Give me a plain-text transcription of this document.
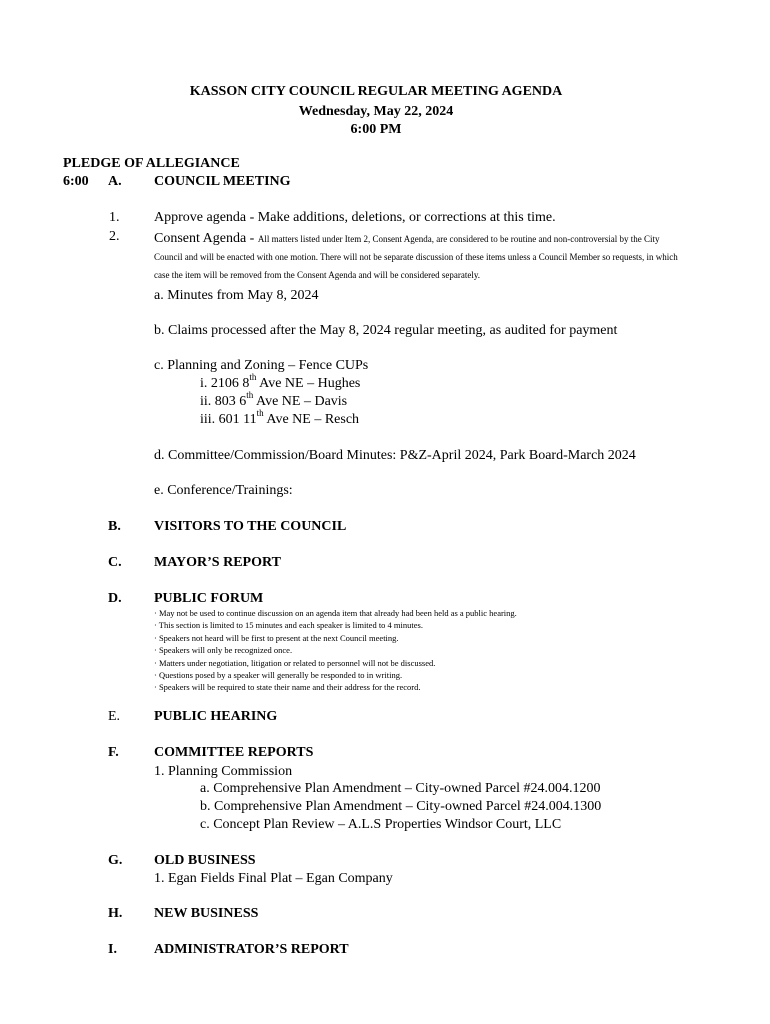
KASSON CITY COUNCIL REGULAR MEETING AGENDA
Wednesday, May 22, 2024
6:00 PM
PLEDGE OF ALLEGIANCE
6:00 A. COUNCIL MEETING
1. Approve agenda - Make additions, deletions, or corrections at this time.
2. Consent Agenda - All matters listed under Item 2, Consent Agenda, are considered to be routine and non-controversial by the City Council and will be enacted with one motion. There will not be separate discussion of these items unless a Council Member so requests, in which case the item will be removed from the Consent Agenda and will be considered separately.
a. Minutes from May 8, 2024
b. Claims processed after the May 8, 2024 regular meeting, as audited for payment
c. Planning and Zoning – Fence CUPs
i. 2106 8th Ave NE – Hughes
ii. 803 6th Ave NE – Davis
iii. 601 11th Ave NE – Resch
d. Committee/Commission/Board Minutes: P&Z-April 2024, Park Board-March 2024
e. Conference/Trainings:
B. VISITORS TO THE COUNCIL
C. MAYOR’S REPORT
D. PUBLIC FORUM
· May not be used to continue discussion on an agenda item that already had been held as a public hearing.
· This section is limited to 15 minutes and each speaker is limited to 4 minutes.
· Speakers not heard will be first to present at the next Council meeting.
· Speakers will only be recognized once.
· Matters under negotiation, litigation or related to personnel will not be discussed.
· Questions posed by a speaker will generally be responded to in writing.
· Speakers will be required to state their name and their address for the record.
E. PUBLIC HEARING
F.	COMMITTEE REPORTS
1. Planning Commission
a. Comprehensive Plan Amendment – City-owned Parcel #24.004.1200
b. Comprehensive Plan Amendment – City-owned Parcel #24.004.1300
c. Concept Plan Review – A.L.S Properties Windsor Court, LLC
G. OLD BUSINESS
1. Egan Fields Final Plat – Egan Company
H. NEW BUSINESS
I.	ADMINISTRATOR’S REPORT
